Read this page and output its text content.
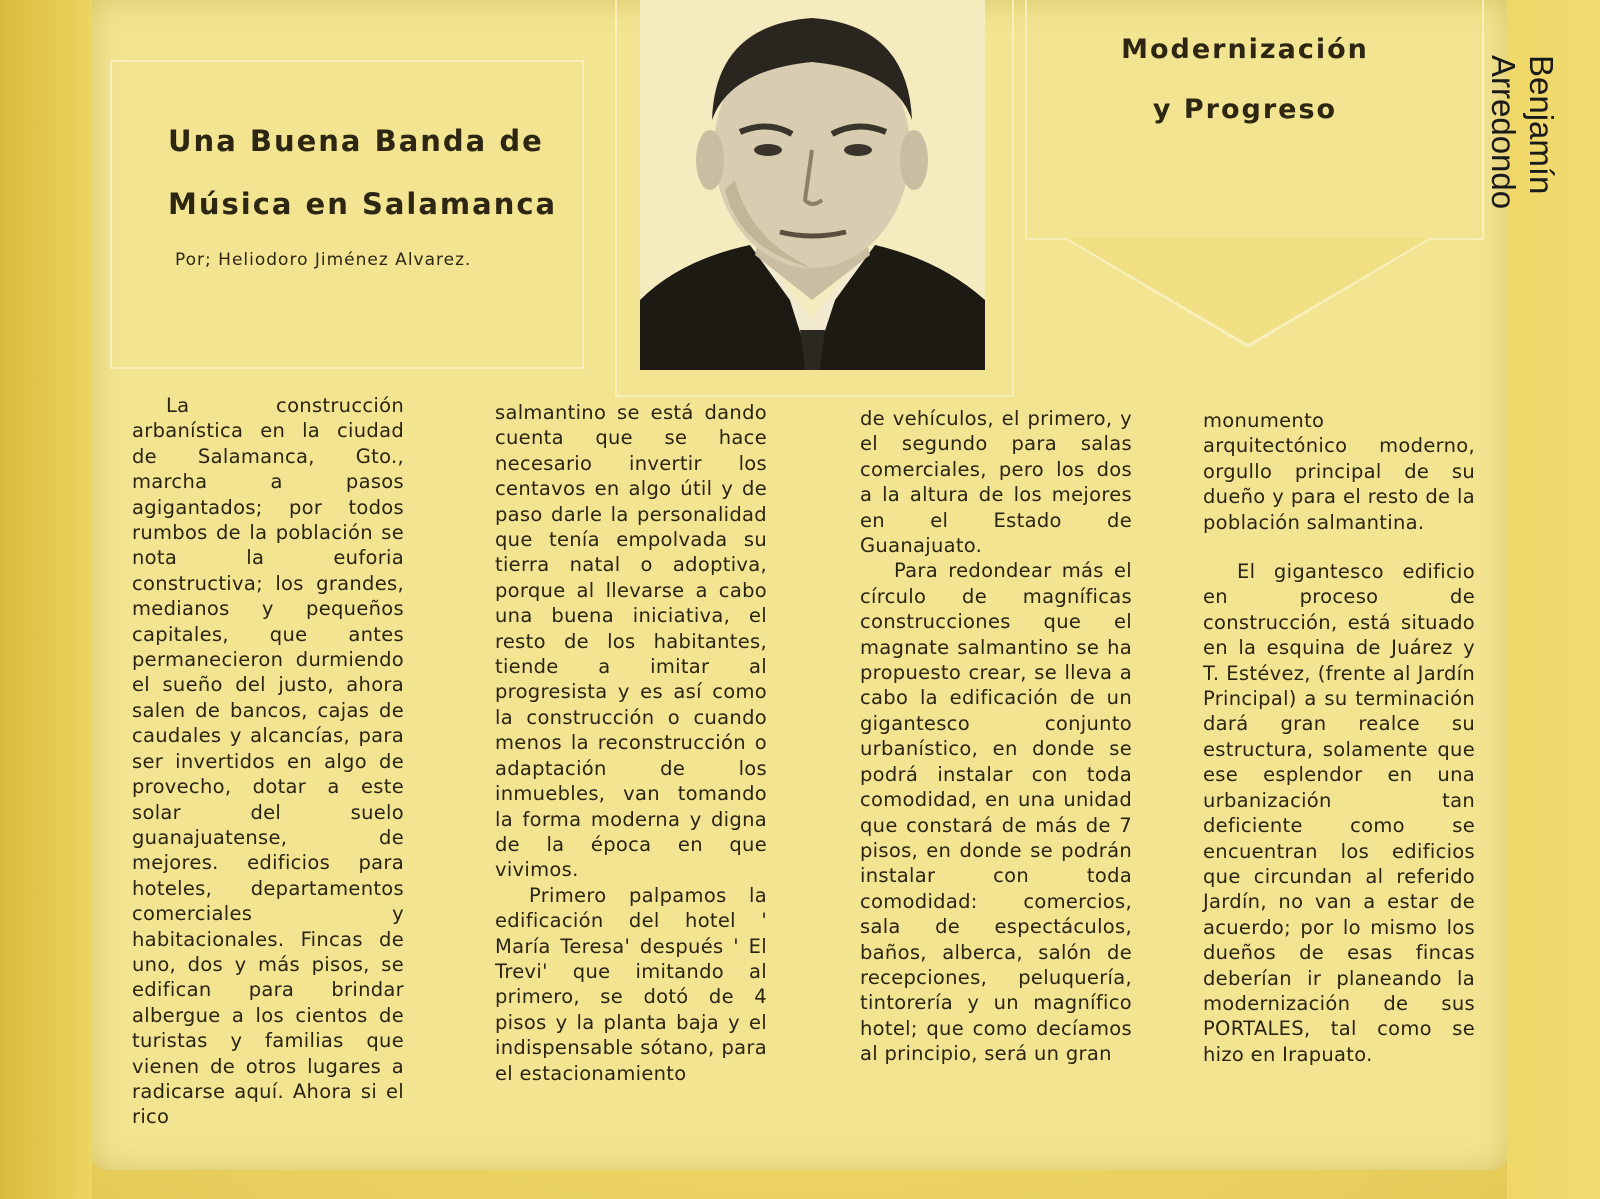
Una Buena Banda de
Música en Salamanca
Por; Heliodoro Jiménez Alvarez.
Modernización
y Progreso	Benjamín Arredondo

La construcción arbanística en la ciudad de Salamanca, Gto., marcha a pasos agigantados; por todos rumbos de la población se nota la euforia constructiva; los grandes, medianos y pequeños capitales, que antes permanecieron durmiendo el sueño del justo, ahora salen de bancos, cajas de caudales y alcancías, para ser invertidos en algo de provecho, dotar a este solar del suelo guanajuatense, de mejores. edificios para hoteles, departamentos comerciales y habitacionales. Fincas de uno, dos y más pisos, se edifican para brindar albergue a los cientos de turistas y familias que vienen de otros lugares a radicarse aquí. Ahora si el rico

salmantino se está dando cuenta que se hace necesario invertir los centavos en algo útil y de paso darle la personalidad que tenía empolvada su tierra natal o adoptiva, porque al llevarse a cabo una buena iniciativa, el resto de los habitantes, tiende a imitar al progresista y es así como la construcción o cuando menos la reconstrucción o adaptación de los inmuebles, van tomando la forma moderna y digna de la época en que vivimos.

Primero palpamos la edificación del hotel ' María Teresa' después ' El Trevi' que imitando al primero, se dotó de 4 pisos y la planta baja y el indispensable sótano, para el estacionamiento

de vehículos, el primero, y el segundo para salas comerciales, pero los dos a la altura de los mejores en el Estado de Guanajuato.

Para redondear más el círculo de magníficas construcciones que el magnate salmantino se ha propuesto crear, se lleva a cabo la edificación de un gigantesco conjunto urbanístico, en donde se podrá instalar con toda comodidad, en una unidad que constará de más de 7 pisos, en donde se podrán instalar con toda comodidad: comercios, sala de espectáculos, baños, alberca, salón de recepciones, peluquería, tintorería y un magnífico hotel; que como decíamos al principio, será un gran

monumento arquitectónico moderno, orgullo principal de su dueño y para el resto de la población salmantina.

El gigantesco edificio en proceso de construcción, está situado en la esquina de Juárez y T. Estévez, (frente al Jardín Principal) a su terminación dará gran realce su estructura, solamente que ese esplendor en una urbanización tan deficiente como se encuentran los edificios que circundan al referido Jardín, no van a estar de acuerdo; por lo mismo los dueños de esas fincas deberían ir planeando la modernización de sus PORTALES, tal como se hizo en Irapuato.
